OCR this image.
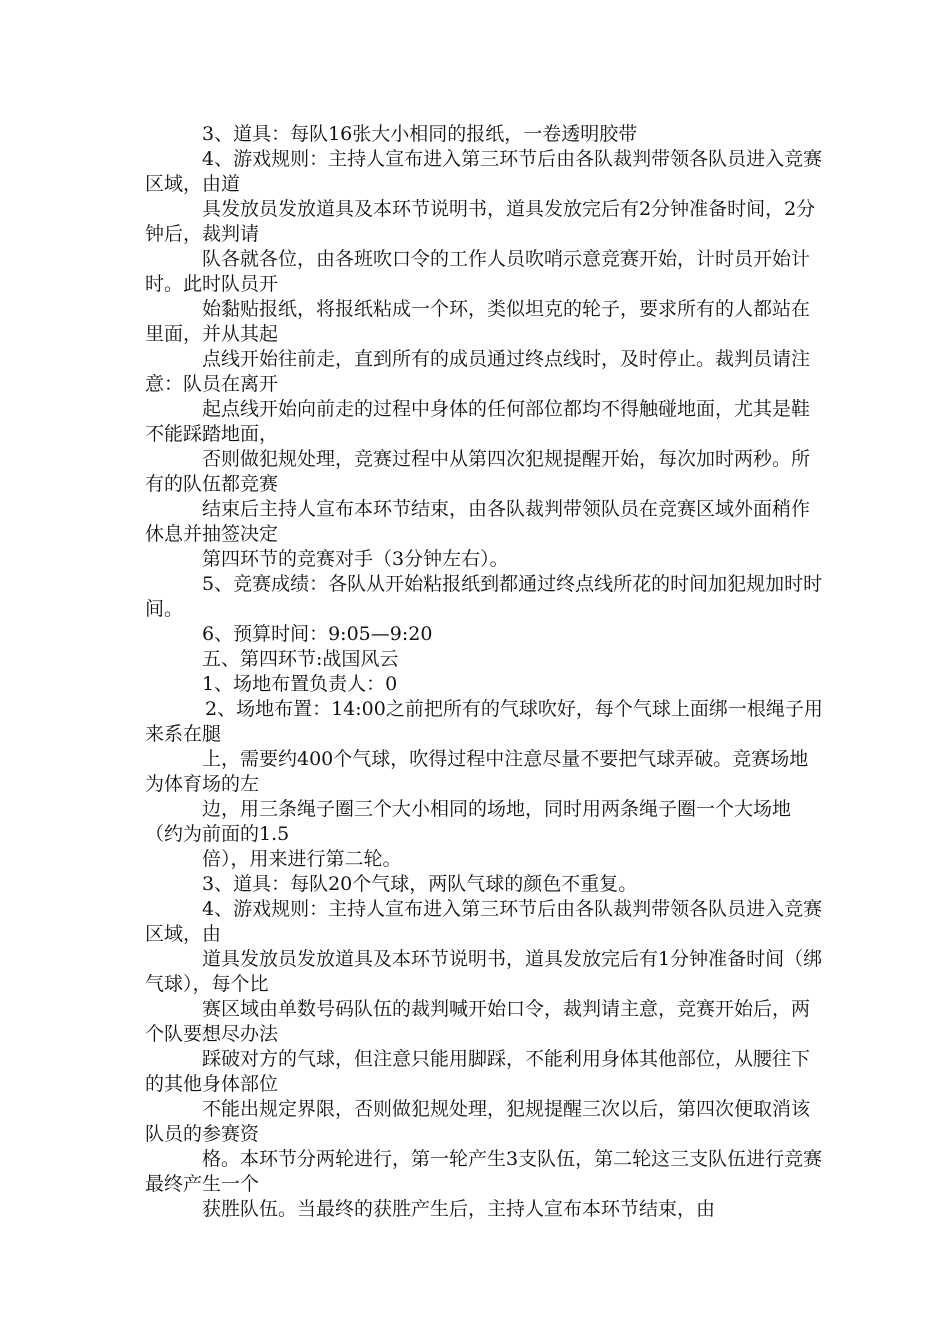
3、道具：每队16张大小相同的报纸，一卷透明胶带

4、游戏规则：主持人宣布进入第三环节后由各队裁判带领各队员进入竞赛区域，由道

具发放员发放道具及本环节说明书，道具发放完后有2分钟准备时间，2分钟后，裁判请

队各就各位，由各班吹口令的工作人员吹哨示意竞赛开始，计时员开始计时。此时队员开

始黏贴报纸，将报纸粘成一个环，类似坦克的轮子，要求所有的人都站在里面，并从其起

点线开始往前走，直到所有的成员通过终点线时，及时停止。裁判员请注意：队员在离开

起点线开始向前走的过程中身体的任何部位都均不得触碰地面，尤其是鞋不能踩踏地面，

否则做犯规处理，竞赛过程中从第四次犯规提醒开始，每次加时两秒。所有的队伍都竞赛

结束后主持人宣布本环节结束，由各队裁判带领队员在竞赛区域外面稍作休息并抽签决定

第四环节的竞赛对手（3分钟左右）。

5、竞赛成绩：各队从开始粘报纸到都通过终点线所花的时间加犯规加时时间。

6、预算时间：9:05—9:20

五、第四环节:战国风云

1、场地布置负责人：0

2、场地布置：14:00之前把所有的气球吹好，每个气球上面绑一根绳子用来系在腿

上，需要约400个气球，吹得过程中注意尽量不要把气球弄破。竞赛场地为体育场的左

边，用三条绳子圈三个大小相同的场地，同时用两条绳子圈一个大场地（约为前面的1.5

倍），用来进行第二轮。

3、道具：每队20个气球，两队气球的颜色不重复。

4、游戏规则：主持人宣布进入第三环节后由各队裁判带领各队员进入竞赛区域，由

道具发放员发放道具及本环节说明书，道具发放完后有1分钟准备时间（绑气球），每个比

赛区域由单数号码队伍的裁判喊开始口令，裁判请主意，竞赛开始后，两个队要想尽办法

踩破对方的气球，但注意只能用脚踩，不能利用身体其他部位，从腰往下的其他身体部位

不能出规定界限，否则做犯规处理，犯规提醒三次以后，第四次便取消该队员的参赛资

格。本环节分两轮进行，第一轮产生3支队伍，第二轮这三支队伍进行竞赛最终产生一个

获胜队伍。当最终的获胜产生后，主持人宣布本环节结束，由
